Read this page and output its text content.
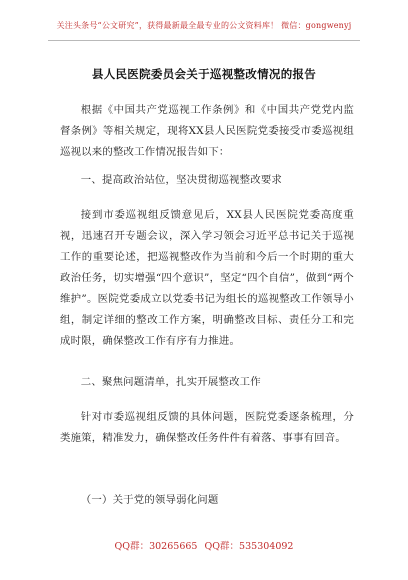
关注头条号“公文研究”，获得最新最全最专业的公文资料库！ 微信：gongwenyj
县人民医院委员会关于巡视整改情况的报告
根据《中国共产党巡视工作条例》和《中国共产党党内监督条例》等相关规定，现将XX县人民医院党委接受市委巡视组巡视以来的整改工作情况报告如下：
一、提高政治站位，坚决贯彻巡视整改要求
接到市委巡视组反馈意见后，XX县人民医院党委高度重视，迅速召开专题会议，深入学习领会习近平总书记关于巡视工作的重要论述，把巡视整改作为当前和今后一个时期的重大政治任务，切实增强“四个意识”，坚定“四个自信”，做到“两个维护”。医院党委成立以党委书记为组长的巡视整改工作领导小组，制定详细的整改工作方案，明确整改目标、责任分工和完成时限，确保整改工作有序有力推进。
二、聚焦问题清单，扎实开展整改工作
针对市委巡视组反馈的具体问题，医院党委逐条梳理，分类施策，精准发力，确保整改任务件件有着落、事事有回音。
（一）关于党的领导弱化问题
QQ群：30265665 QQ群：535304092
